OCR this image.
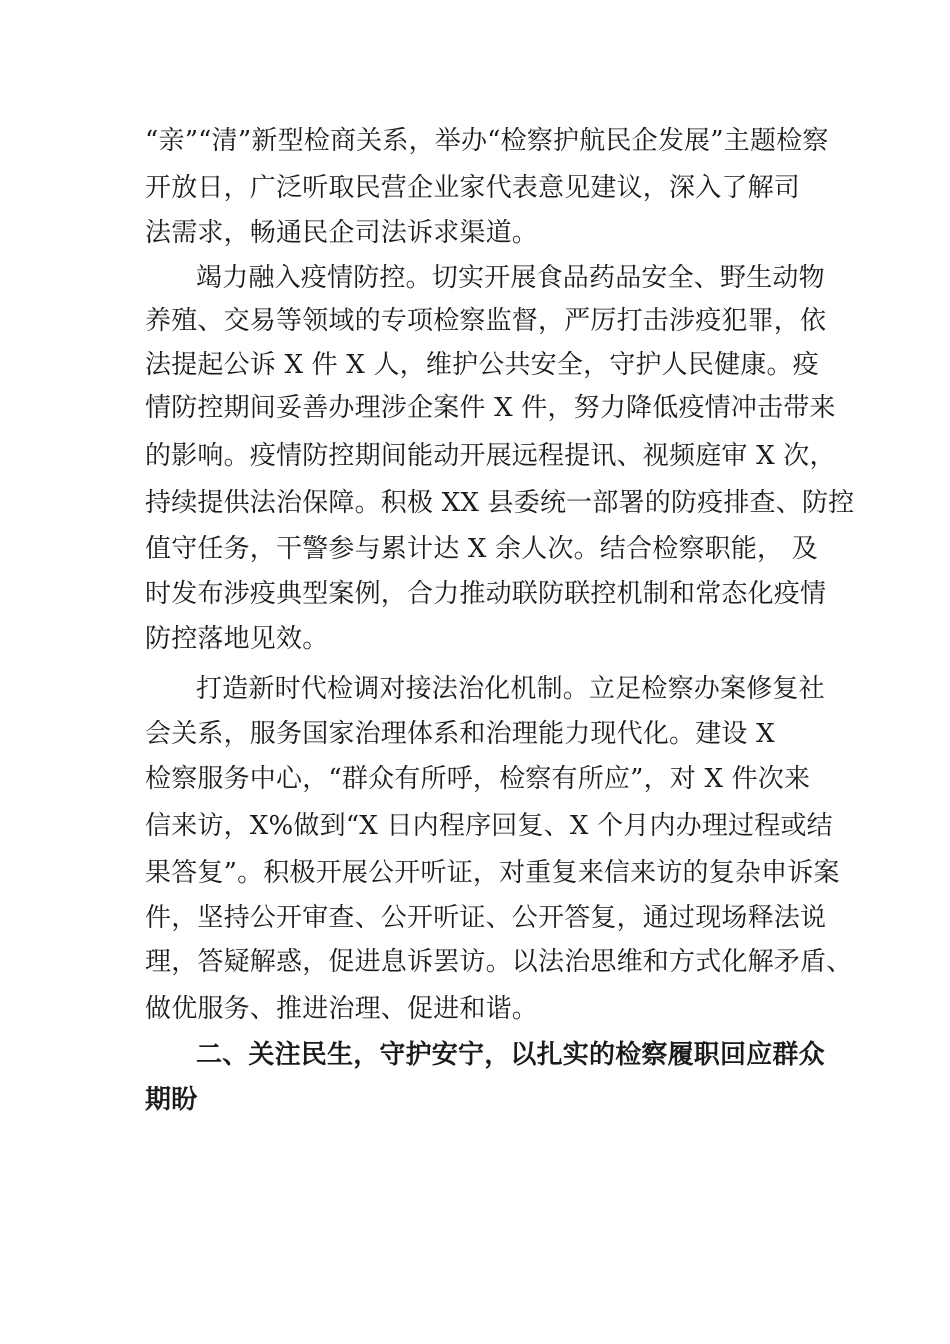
“亲”“清”新型检商关系，举办“检察护航民企发展”主题检察
开放日，广泛听取民营企业家代表意见建议，深入了解司
法需求，畅通民企司法诉求渠道。
竭力融入疫情防控。切实开展食品药品安全、野生动物
养殖、交易等领域的专项检察监督，严厉打击涉疫犯罪，依
法提起公诉 X 件 X 人，维护公共安全，守护人民健康。疫
情防控期间妥善办理涉企案件 X 件，努力降低疫情冲击带来
的影响。疫情防控期间能动开展远程提讯、视频庭审 X 次，
持续提供法治保障。积极 XX 县委统一部署的防疫排查、防控
值守任务，干警参与累计达 X 余人次。结合检察职能， 及
时发布涉疫典型案例，合力推动联防联控机制和常态化疫情
防控落地见效。
打造新时代检调对接法治化机制。立足检察办案修复社
会关系，服务国家治理体系和治理能力现代化。建设 X
检察服务中心，“群众有所呼，检察有所应”，对 X 件次来
信来访，X%做到“X 日内程序回复、X 个月内办理过程或结
果答复”。积极开展公开听证，对重复来信来访的复杂申诉案
件，坚持公开审查、公开听证、公开答复，通过现场释法说
理，答疑解惑，促进息诉罢访。以法治思维和方式化解矛盾、
做优服务、推进治理、促进和谐。
二、关注民生，守护安宁，以扎实的检察履职回应群众
期盼
